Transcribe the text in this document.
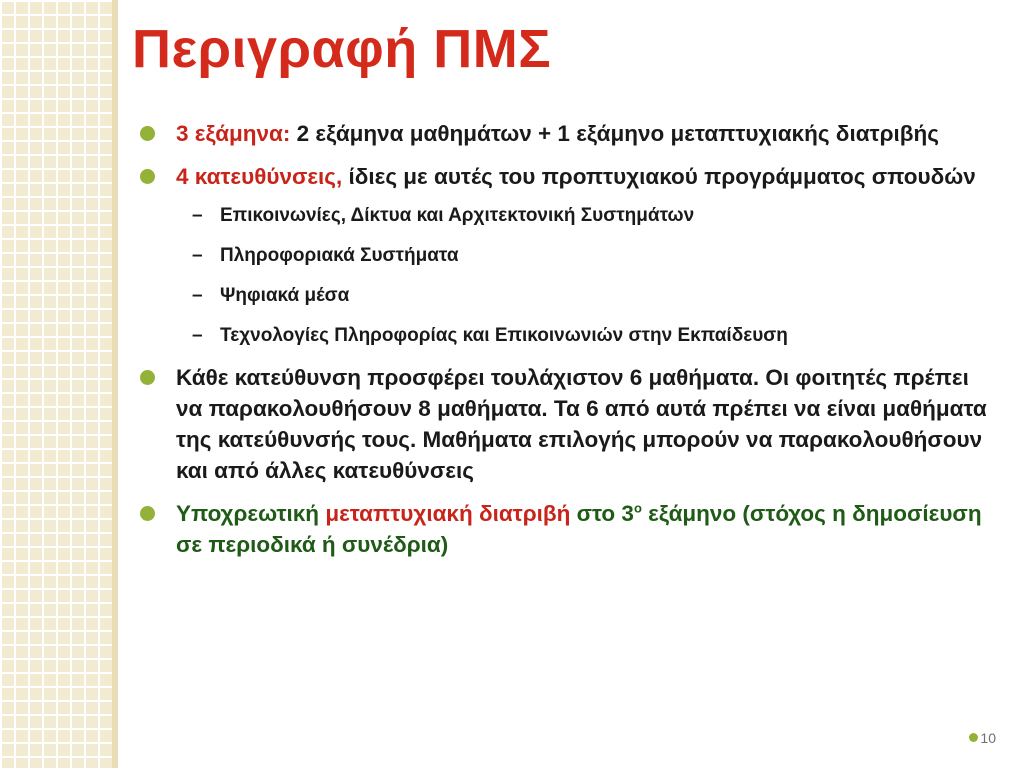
Περιγραφή ΠΜΣ
3 εξάμηνα: 2 εξάμηνα μαθημάτων + 1 εξάμηνο μεταπτυχιακής διατριβής
4 κατευθύνσεις, ίδιες με αυτές του προπτυχιακού προγράμματος σπουδών
– Επικοινωνίες, Δίκτυα και Αρχιτεκτονική Συστημάτων
– Πληροφοριακά Συστήματα
– Ψηφιακά μέσα
– Τεχνολογίες Πληροφορίας και Επικοινωνιών στην Εκπαίδευση
Κάθε κατεύθυνση προσφέρει τουλάχιστον 6 μαθήματα. Οι φοιτητές πρέπει να παρακολουθήσουν 8 μαθήματα. Τα 6 από αυτά πρέπει να είναι μαθήματα της κατεύθυνσής τους. Μαθήματα επιλογής μπορούν να παρακολουθήσουν και από άλλες κατευθύνσεις
Υποχρεωτική μεταπτυχιακή διατριβή στο $3^o$ εξάμηνο (στόχος η δημοσίευση σε περιοδικά ή συνέδρια)
10
